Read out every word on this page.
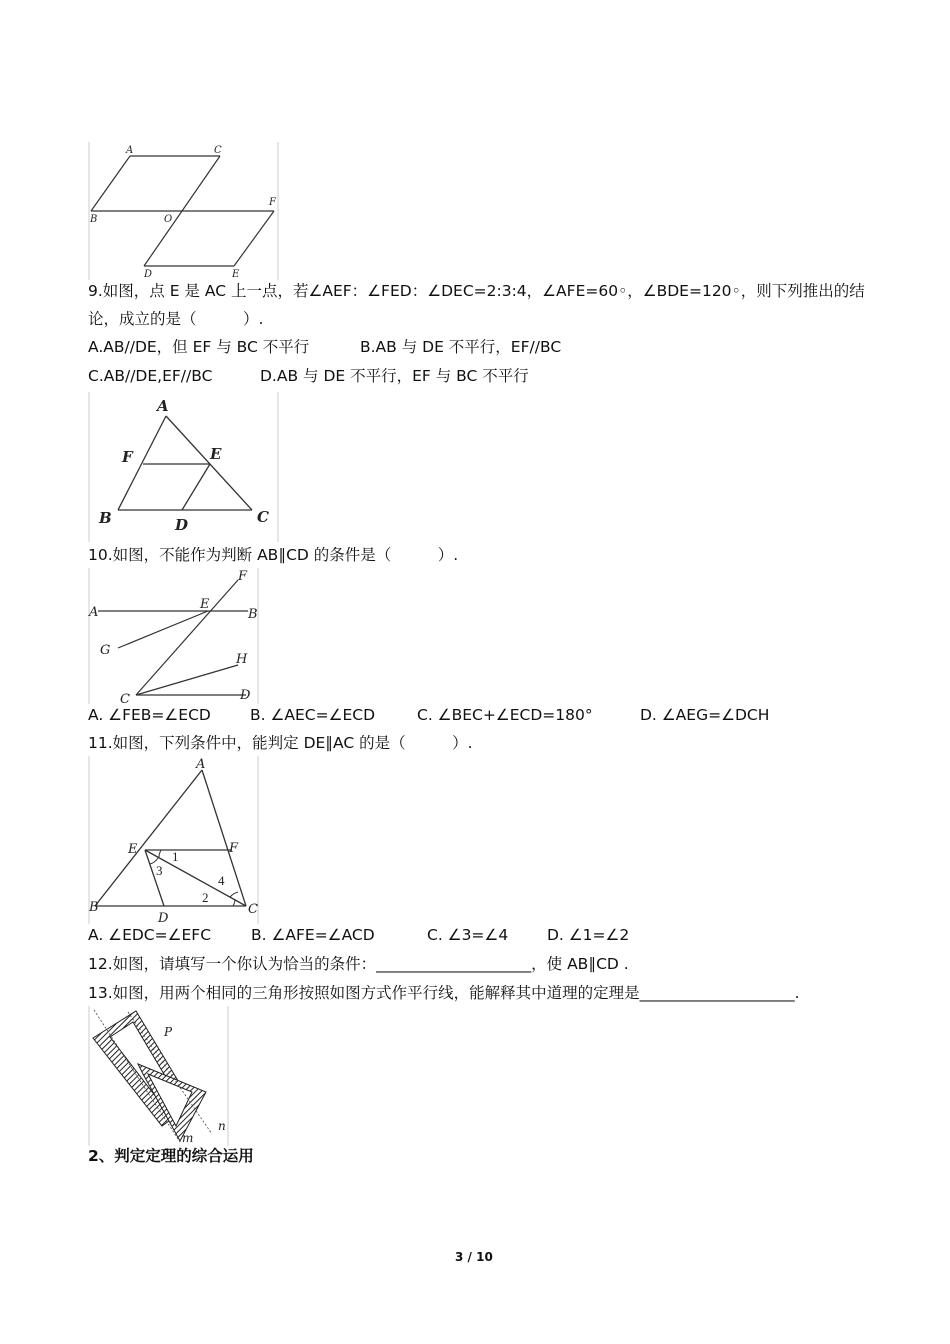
A	C
B	O
F
D	E
9.如图，点 E 是 AC 上一点，若∠AEF：∠FED：∠DEC=2:3:4，∠AFE=60◦，∠BDE=120◦，则下列推出的结
论，成立的是（　　　）.
A.AB//DE，但 EF 与 BC 不平行	B.AB 与 DE 不平行，EF//BC
C.AB//DE,EF//BC	D.AB 与 DE 不平行，EF 与 BC 不平行
A
F	E
B	D	C
10.如图，不能作为判断 AB∥CD 的条件是（　　　）.
F
A
E
B
G
H
C	D
A. ∠FEB=∠ECD	B. ∠AEC=∠ECD	C. ∠BEC+∠ECD=180°	D. ∠AEG=∠DCH
11.如图，下列条件中，能判定 DE∥AC 的是（　　　）.
A
E	F
1
3
4
2
B
D
C
A. ∠EDC=∠EFC	B. ∠AFE=∠ACD	C. ∠3=∠4	D. ∠1=∠2
12.如图，请填写一个你认为恰当的条件：____________________，使 AB∥CD .
13.如图，用两个相同的三角形按照如图方式作平行线，能解释其中道理的定理是____________________.
P
n
m
2、判定定理的综合运用
3 / 10
